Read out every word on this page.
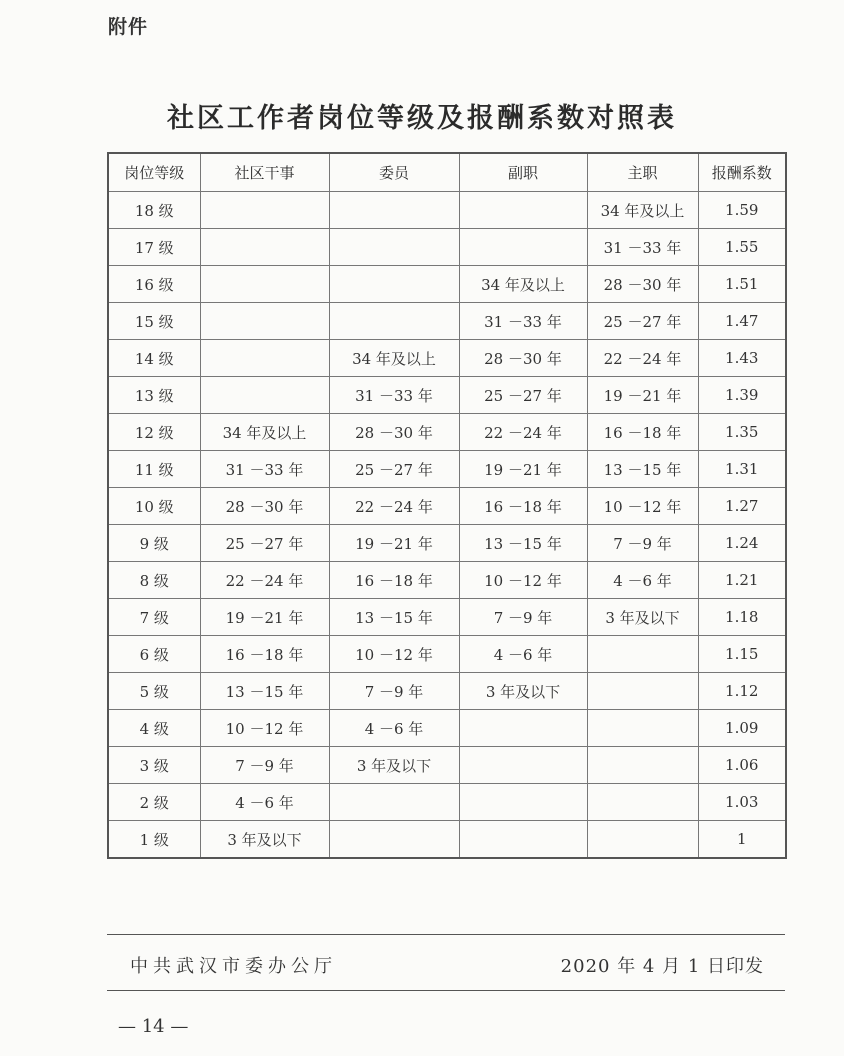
附件
社区工作者岗位等级及报酬系数对照表
岗位等级	社区干事	委员	副职	主职	报酬系数
18 级				34 年及以上	1.59
17 级				31 －33 年	1.55
16 级			34 年及以上	28 －30 年	1.51
15 级			31 －33 年	25 －27 年	1.47
14 级		34 年及以上	28 －30 年	22 －24 年	1.43
13 级		31 －33 年	25 －27 年	19 －21 年	1.39
12 级	34 年及以上	28 －30 年	22 －24 年	16 －18 年	1.35
11 级	31 －33 年	25 －27 年	19 －21 年	13 －15 年	1.31
10 级	28 －30 年	22 －24 年	16 －18 年	10 －12 年	1.27
9 级	25 －27 年	19 －21 年	13 －15 年	7 －9 年	1.24
8 级	22 －24 年	16 －18 年	10 －12 年	4 －6 年	1.21
7 级	19 －21 年	13 －15 年	7 －9 年	3 年及以下	1.18
6 级	16 －18 年	10 －12 年	4 －6 年		1.15
5 级	13 －15 年	7 －9 年	3 年及以下		1.12
4 级	10 －12 年	4 －6 年			1.09
3 级	7 －9 年	3 年及以下			1.06
2 级	4 －6 年				1.03
1 级	3 年及以下				1
中共武汉市委办公厅	2020 年 4 月 1 日印发
— 14 —
